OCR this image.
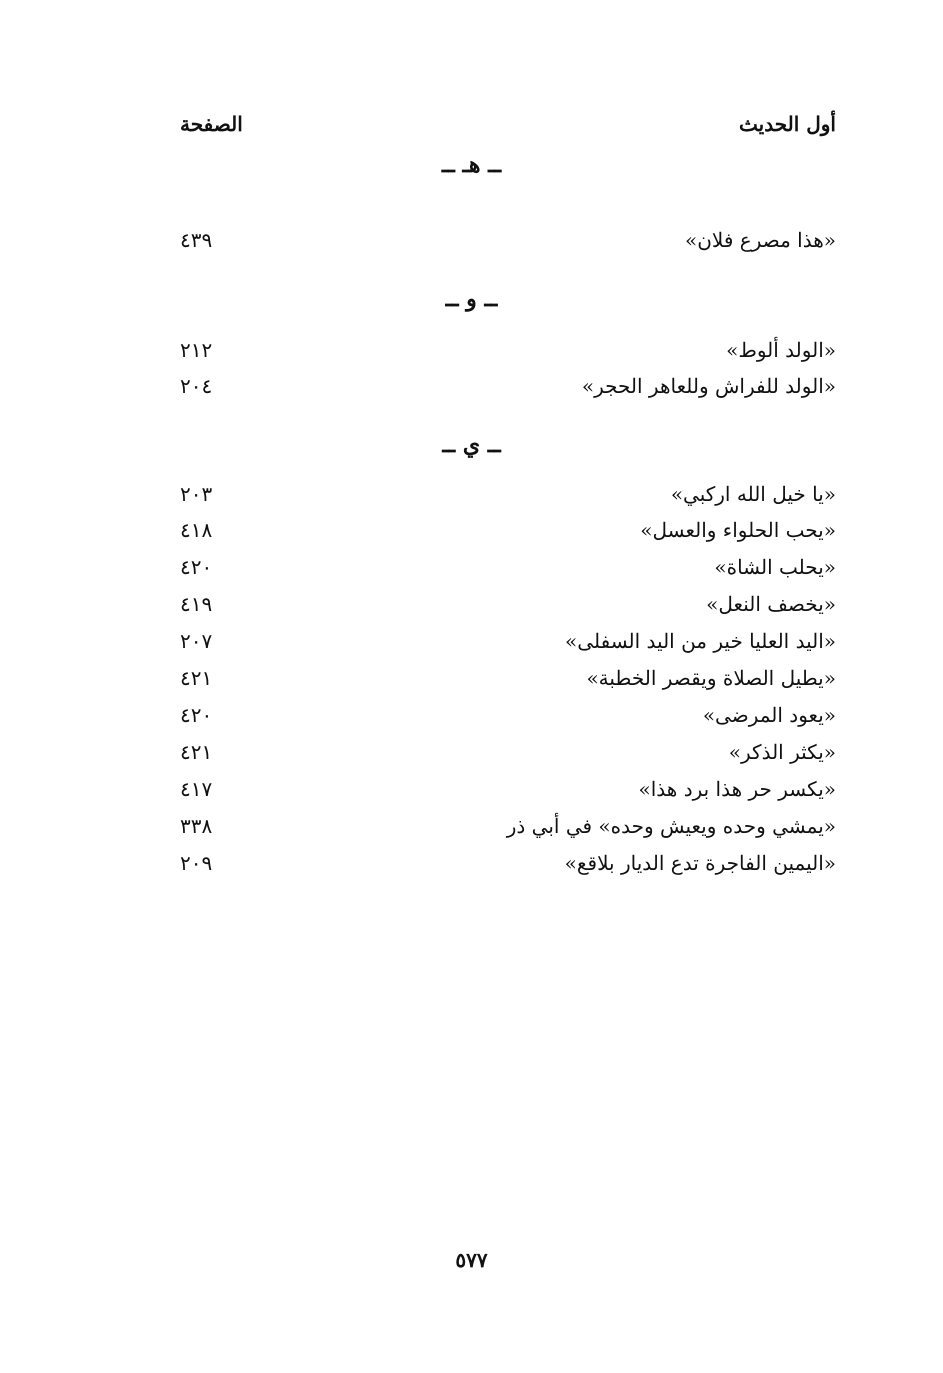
أول الحديث
الصفحة
ــ هـ ــ
«هذا مصرع فلان»
٤٣٩
ــ و ــ
«الولد ألوط»
٢١٢
«الولد للفراش وللعاهر الحجر»
٢٠٤
ــ ي ــ
«يا خيل الله اركبي»
٢٠٣
«يحب الحلواء والعسل»
٤١٨
«يحلب الشاة»
٤٢٠
«يخصف النعل»
٤١٩
«اليد العليا خير من اليد السفلى»
٢٠٧
«يطيل الصلاة ويقصر الخطبة»
٤٢١
«يعود المرضى»
٤٢٠
«يكثر الذكر»
٤٢١
«يكسر حر هذا برد هذا»
٤١٧
«يمشي وحده ويعيش وحده» في أبي ذر
٣٣٨
«اليمين الفاجرة تدع الديار بلاقع»
٢٠٩
٥٧٧
